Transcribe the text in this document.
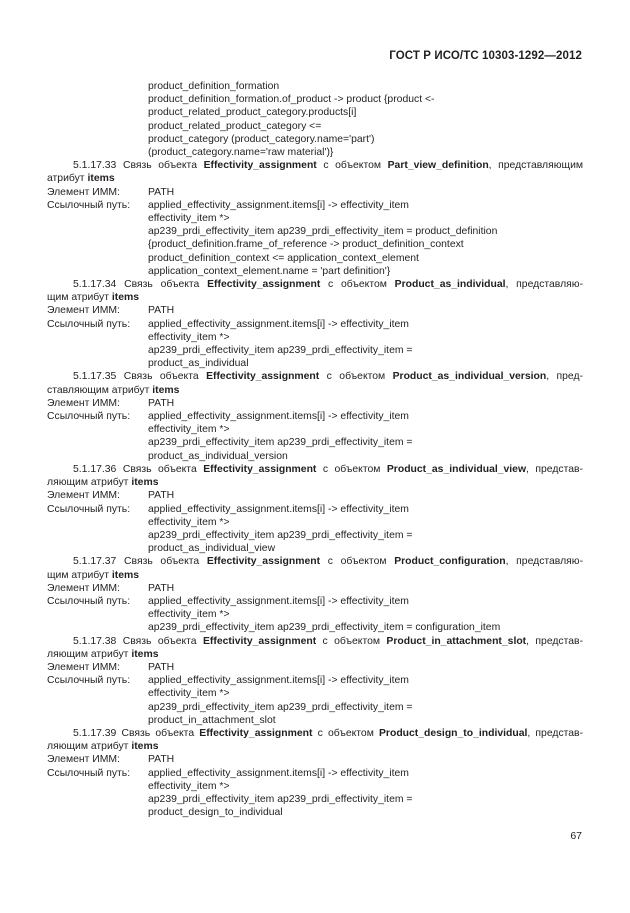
ГОСТ Р ИСО/ТС 10303-1292—2012
product_definition_formation
product_definition_formation.of_product -> product {product <-
product_related_product_category.products[i]
product_related_product_category <=
product_category (product_category.name='part')
(product_category.name='raw material')}
5.1.17.33 Связь объекта Effectivity_assignment с объектом Part_view_definition, представляющим
атрибут items
Элемент ИММ:	PATH
Ссылочный путь:	applied_effectivity_assignment.items[i] -> effectivity_item
effectivity_item *>
ap239_prdi_effectivity_item ap239_prdi_effectivity_item = product_definition
{product_definition.frame_of_reference -> product_definition_context
product_definition_context <= application_context_element
application_context_element.name = 'part definition'}
5.1.17.34 Связь объекта Effectivity_assignment с объектом Product_as_individual, представляю-
щим атрибут items
Элемент ИММ:	PATH
Ссылочный путь:	applied_effectivity_assignment.items[i] -> effectivity_item
effectivity_item *>
ap239_prdi_effectivity_item ap239_prdi_effectivity_item =
product_as_individual
5.1.17.35 Связь объекта Effectivity_assignment с объектом Product_as_individual_version, пред-
ставляющим атрибут items
Элемент ИММ:	PATH
Ссылочный путь:	applied_effectivity_assignment.items[i] -> effectivity_item
effectivity_item *>
ap239_prdi_effectivity_item ap239_prdi_effectivity_item =
product_as_individual_version
5.1.17.36 Связь объекта Effectivity_assignment с объектом Product_as_individual_view, представ-
ляющим атрибут items
Элемент ИММ:	PATH
Ссылочный путь:	applied_effectivity_assignment.items[i] -> effectivity_item
effectivity_item *>
ap239_prdi_effectivity_item ap239_prdi_effectivity_item =
product_as_individual_view
5.1.17.37 Связь объекта Effectivity_assignment с объектом Product_configuration, представляю-
щим атрибут items
Элемент ИММ:	PATH
Ссылочный путь:	applied_effectivity_assignment.items[i] -> effectivity_item
effectivity_item *>
ap239_prdi_effectivity_item ap239_prdi_effectivity_item = configuration_item
5.1.17.38 Связь объекта Effectivity_assignment с объектом Product_in_attachment_slot, представ-
ляющим атрибут items
Элемент ИММ:	PATH
Ссылочный путь:	applied_effectivity_assignment.items[i] -> effectivity_item
effectivity_item *>
ap239_prdi_effectivity_item ap239_prdi_effectivity_item =
product_in_attachment_slot
5.1.17.39 Связь объекта Effectivity_assignment с объектом Product_design_to_individual, представ-
ляющим атрибут items
Элемент ИММ:	PATH
Ссылочный путь:	applied_effectivity_assignment.items[i] -> effectivity_item
effectivity_item *>
ap239_prdi_effectivity_item ap239_prdi_effectivity_item =
product_design_to_individual
67
